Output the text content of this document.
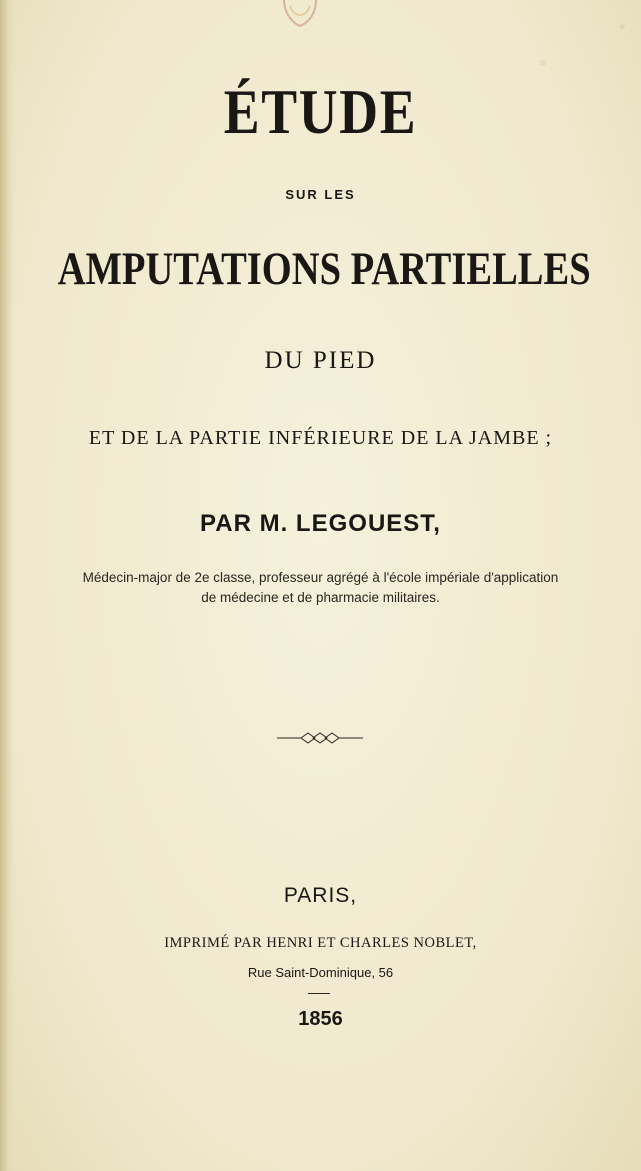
ÉTUDE
SUR LES
AMPUTATIONS PARTIELLES
DU PIED
ET DE LA PARTIE INFÉRIEURE DE LA JAMBE ;
PAR M. LEGOUEST,
Médecin-major de 2e classe, professeur agrégé à l'école impériale d'application
de médecine et de pharmacie militaires.
PARIS,
IMPRIMÉ PAR HENRI ET CHARLES NOBLET,
Rue Saint-Dominique, 56
1856
